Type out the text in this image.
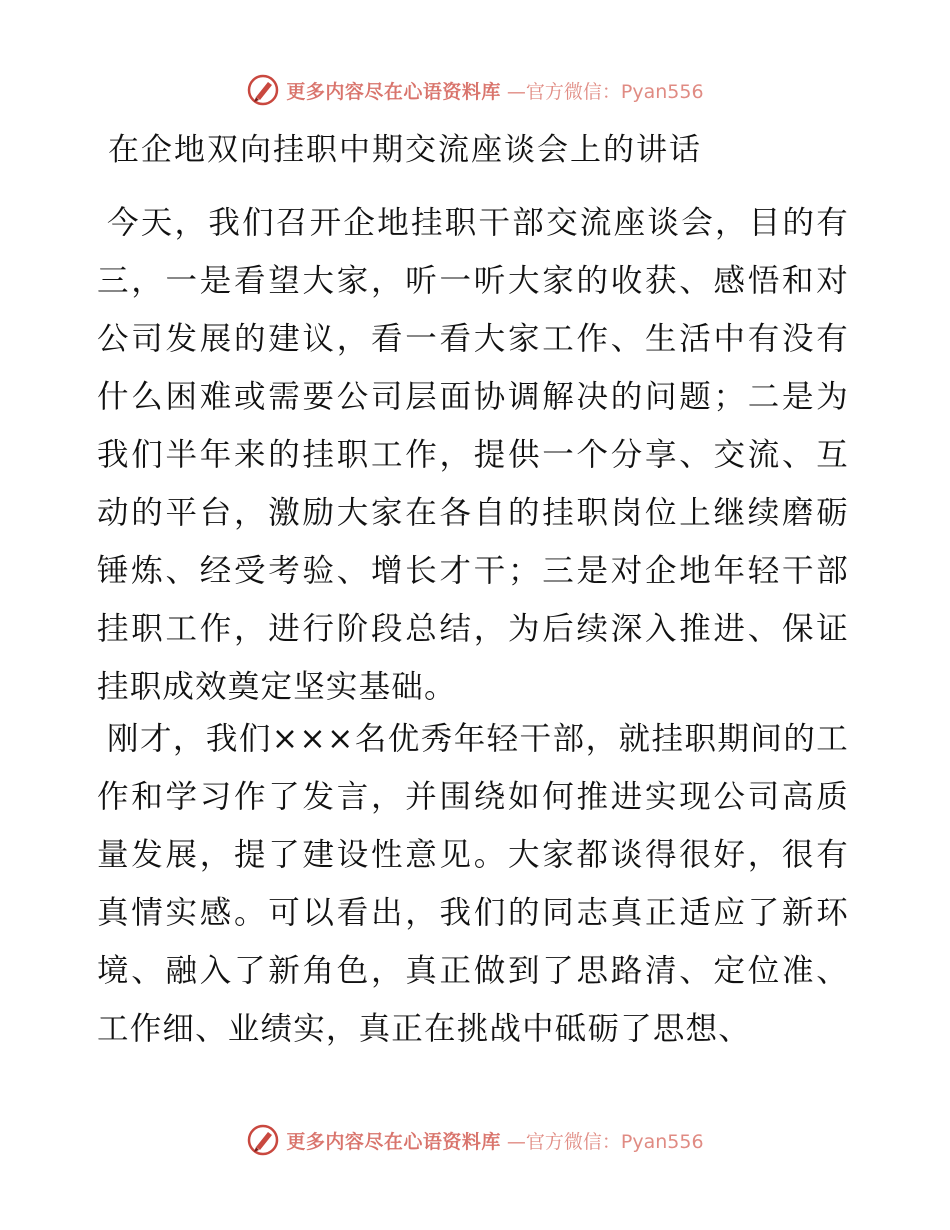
更多内容尽在心语资料库 —官方微信：Pyan556
在企地双向挂职中期交流座谈会上的讲话

今天，我们召开企地挂职干部交流座谈会，目的有三，一是看望大家，听一听大家的收获、感悟和对公司发展的建议，看一看大家工作、生活中有没有什么困难或需要公司层面协调解决的问题；二是为我们半年来的挂职工作，提供一个分享、交流、互动的平台，激励大家在各自的挂职岗位上继续磨砺锤炼、经受考验、增长才干；三是对企地年轻干部挂职工作，进行阶段总结，为后续深入推进、保证挂职成效奠定坚实基础。

刚才，我们×××名优秀年轻干部，就挂职期间的工作和学习作了发言，并围绕如何推进实现公司高质量发展，提了建设性意见。大家都谈得很好，很有真情实感。可以看出，我们的同志真正适应了新环境、融入了新角色，真正做到了思路清、定位准、工作细、业绩实，真正在挑战中砥砺了思想、

更多内容尽在心语资料库 —官方微信：Pyan556
